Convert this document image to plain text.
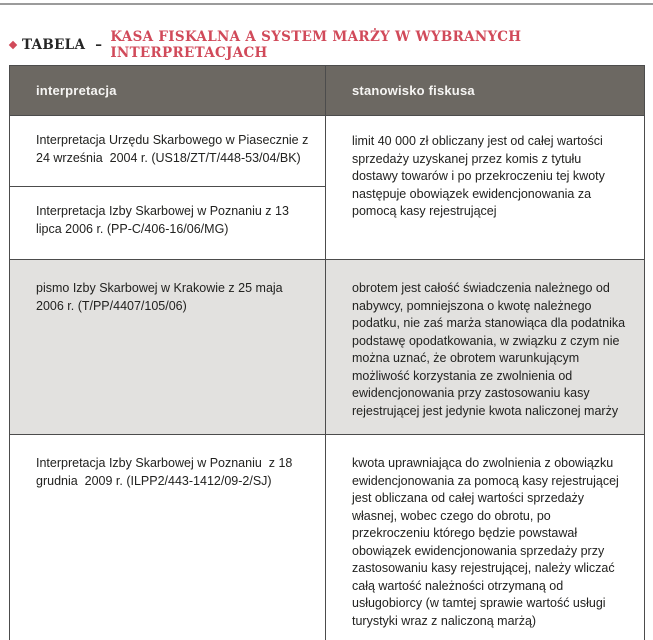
TABELA – KASA FISKALNA A SYSTEM MARŻY W WYBRANYCH INTERPRETACJACH
interpretacja	stanowisko fiskusa
Interpretacja Urzędu Skarbowego w Piasecznie z 24 września  2004 r. (US18/ZT/T/448-53/04/BK)	limit 40 000 zł obliczany jest od całej wartości sprzedaży uzyskanej przez komis z tytułu dostawy towarów i po przekroczeniu tej kwoty następuje obowiązek ewidencjonowania za pomocą kasy rejestrującej
Interpretacja Izby Skarbowej w Poznaniu z 13 lipca 2006 r. (PP-C/406-16/06/MG)	
pismo Izby Skarbowej w Krakowie z 25 maja  2006 r. (T/PP/4407/105/06)	obrotem jest całość świadczenia należnego od nabywcy, pomniejszona o kwotę należnego podatku, nie zaś marża stanowiąca dla podatnika podstawę opodatkowania, w związku z czym nie można uznać, że obrotem warunkującym możliwość korzystania ze zwolnienia od ewidencjonowania przy zastosowaniu kasy rejestrującej jest jedynie kwota naliczonej marży
Interpretacja Izby Skarbowej w Poznaniu  z 18 grudnia  2009 r. (ILPP2/443-1412/09-2/SJ)	kwota uprawniająca do zwolnienia z obowiązku ewidencjonowania za pomocą kasy rejestrującej jest obliczana od całej wartości sprzedaży własnej, wobec czego do obrotu, po przekroczeniu którego będzie powstawał obowiązek ewidencjonowania sprzedaży przy zastosowaniu kasy rejestrującej, należy wliczać całą wartość należności otrzymaną od usługobiorcy (w tamtej sprawie wartość usługi turystyki wraz z naliczoną marżą)
